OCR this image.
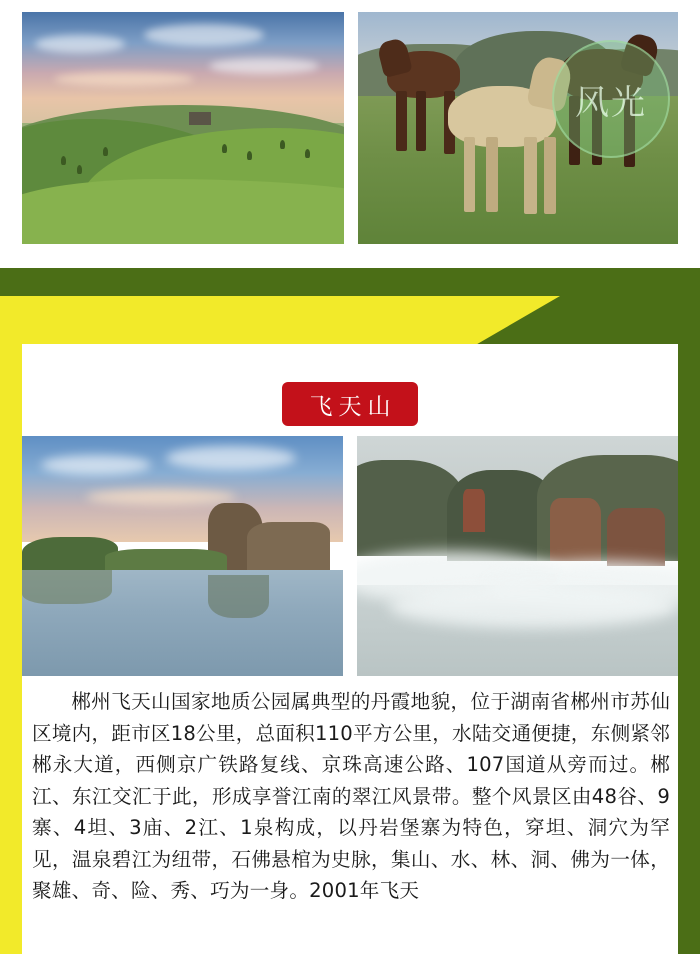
风光
飞天山
郴州飞天山国家地质公园属典型的丹霞地貌，位于湖南省郴州市苏仙区境内，距市区18公里，总面积110平方公里，水陆交通便捷，东侧紧邻郴永大道，西侧京广铁路复线、京珠高速公路、107国道从旁而过。郴江、东江交汇于此，形成享誉江南的翠江风景带。整个风景区由48谷、9寨、4坦、3庙、2江、1泉构成，以丹岩堡寨为特色，穿坦、洞穴为罕见，温泉碧江为纽带，石佛悬棺为史脉，集山、水、林、洞、佛为一体，聚雄、奇、险、秀、巧为一身。2001年飞天
